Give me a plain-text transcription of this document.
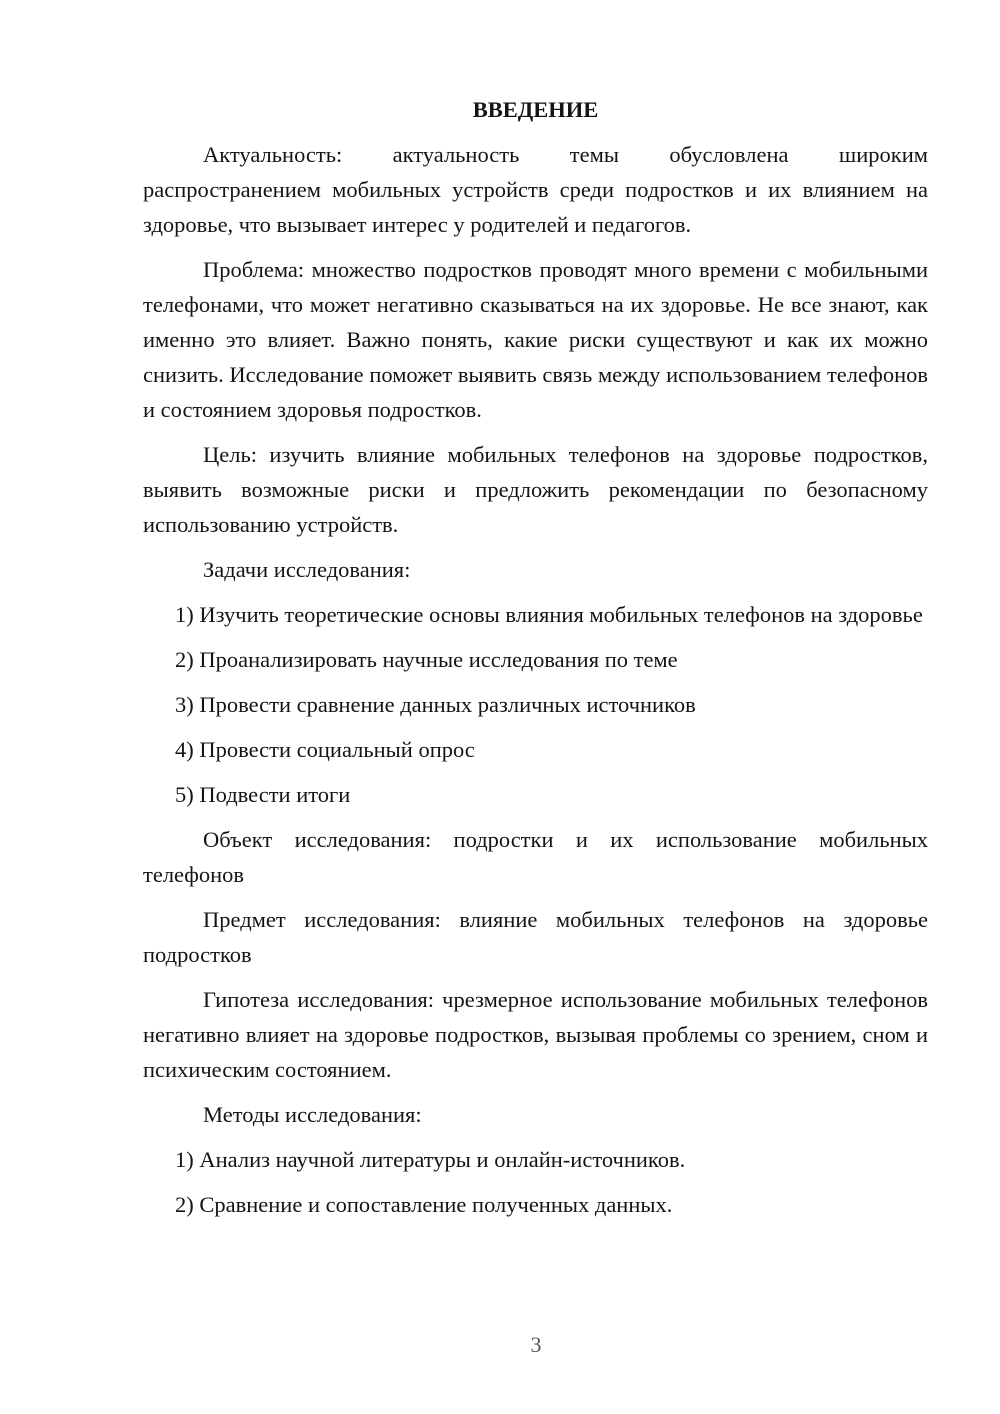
ВВЕДЕНИЕ
Актуальность: актуальность темы обусловлена широким распространением мобильных устройств среди подростков и их влиянием на здоровье, что вызывает интерес у родителей и педагогов.
Проблема: множество подростков проводят много времени с мобильными телефонами, что может негативно сказываться на их здоровье. Не все знают, как именно это влияет. Важно понять, какие риски существуют и как их можно снизить. Исследование поможет выявить связь между использованием телефонов и состоянием здоровья подростков.
Цель: изучить влияние мобильных телефонов на здоровье подростков, выявить возможные риски и предложить рекомендации по безопасному использованию устройств.
Задачи исследования:
1) Изучить теоретические основы влияния мобильных телефонов на здоровье
2) Проанализировать научные исследования по теме
3) Провести сравнение данных различных источников
4) Провести социальный опрос
5) Подвести итоги
Объект исследования: подростки и их использование мобильных телефонов
Предмет исследования: влияние мобильных телефонов на здоровье подростков
Гипотеза исследования: чрезмерное использование мобильных телефонов негативно влияет на здоровье подростков, вызывая проблемы со зрением, сном и психическим состоянием.
Методы исследования:
1) Анализ научной литературы и онлайн-источников.
2) Сравнение и сопоставление полученных данных.
3
